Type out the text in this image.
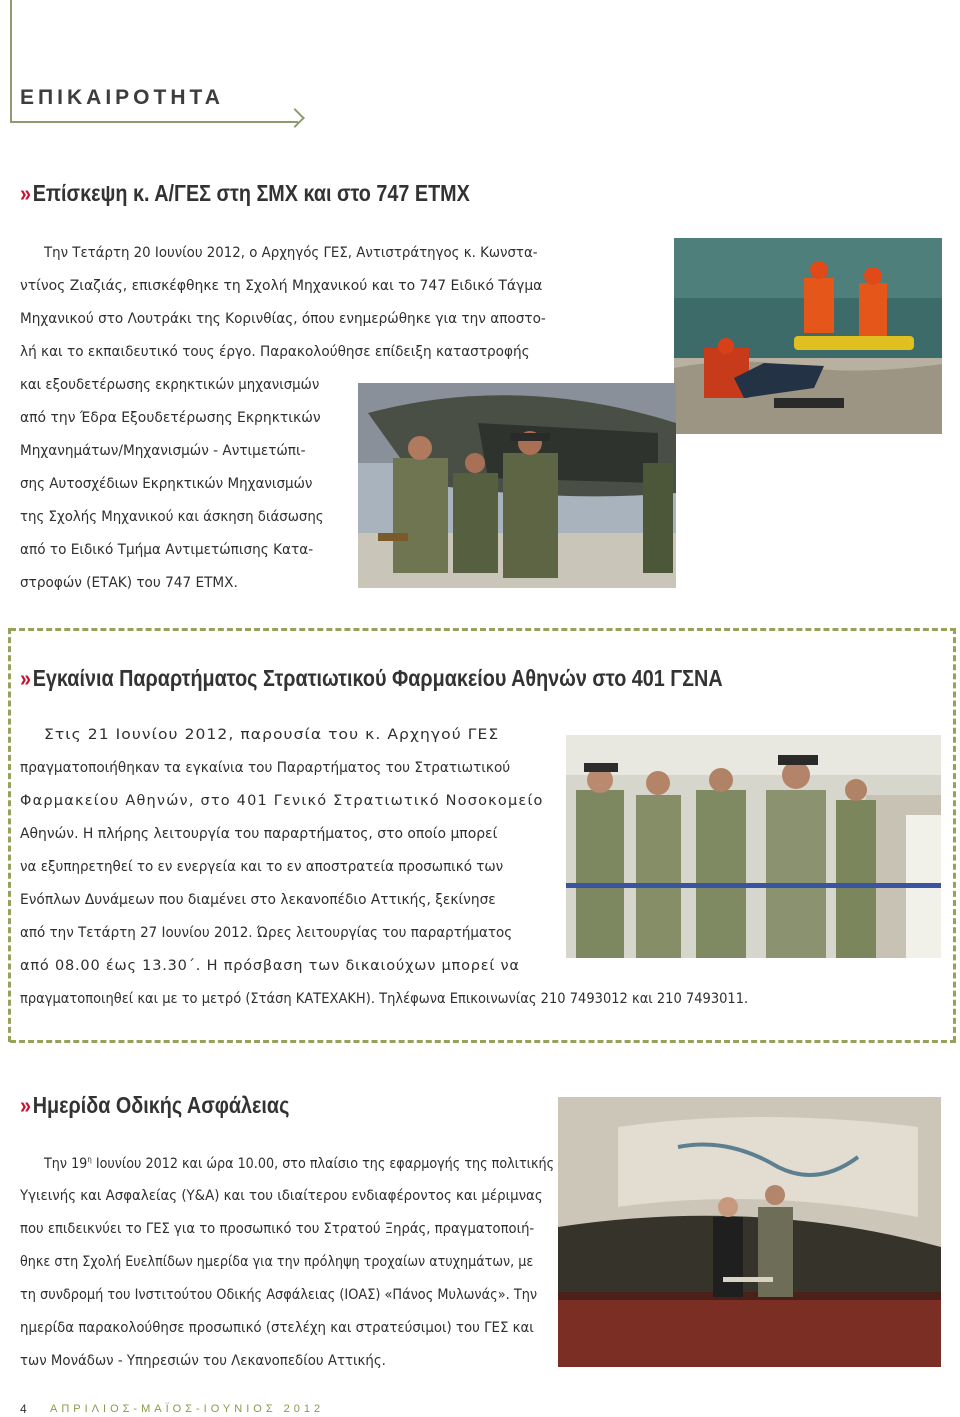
ΕΠΙΚΑΙΡΟΤΗΤΑ
» Επίσκεψη κ. Α/ΓΕΣ στη ΣΜΧ και στο 747 ΕΤΜΧ

Την Τετάρτη 20 Ιουνίου 2012, ο Αρχηγός ΓΕΣ, Αντιστράτηγος κ. Κωνστα-

ντίνος Ζιαζιάς, επισκέφθηκε τη Σχολή Μηχανικού και το 747 Ειδικό Τάγμα

Μηχανικού στο Λουτράκι της Κορινθίας, όπου ενημερώθηκε για την αποστο-

λή και το εκπαιδευτικό τους έργο. Παρακολούθησε επίδειξη καταστροφής

και εξουδετέρωσης εκρηκτικών μηχανισμών

από την Έδρα Εξουδετέρωσης Εκρηκτικών

Μηχανημάτων/Μηχανισμών - Αντιμετώπι-

σης Αυτοσχέδιων Εκρηκτικών Μηχανισμών

της Σχολής Μηχανικού και άσκηση διάσωσης

από το Ειδικό Τμήμα Αντιμετώπισης Κατα-

στροφών (ΕΤΑΚ) του 747 ΕΤΜΧ.

» Εγκαίνια Παραρτήματος Στρατιωτικού Φαρμακείου Αθηνών στο 401 ΓΣΝΑ

Στις 21 Ιουνίου 2012, παρουσία του κ. Αρχηγού ΓΕΣ

πραγματοποιήθηκαν τα εγκαίνια του Παραρτήματος του Στρατιωτικού

Φαρμακείου Αθηνών, στο 401 Γενικό Στρατιωτικό Νοσοκομείο

Αθηνών. Η πλήρης λειτουργία του παραρτήματος, στο οποίο μπορεί

να εξυπηρετηθεί το εν ενεργεία και το εν αποστρατεία προσωπικό των

Ενόπλων Δυνάμεων που διαμένει στο λεκανοπέδιο Αττικής, ξεκίνησε

από την Τετάρτη 27 Ιουνίου 2012. Ώρες λειτουργίας του παραρτήματος

από 08.00 έως 13.30΄. Η πρόσβαση των δικαιούχων μπορεί να

πραγματοποιηθεί και με το μετρό (Στάση ΚΑΤΕΧΑΚΗ). Τηλέφωνα Επικοινωνίας 210 7493012 και 210 7493011.

» Ημερίδα Οδικής Ασφάλειας

Την $19^\eta$ Ιουνίου 2012 και ώρα 10.00, στο πλαίσιο της εφαρμογής της πολιτικής

Υγιεινής και Ασφαλείας (Υ&Α) και του ιδιαίτερου ενδιαφέροντος και μέριμνας

που επιδεικνύει το ΓΕΣ για το προσωπικό του Στρατού Ξηράς, πραγματοποιή-

θηκε στη Σχολή Ευελπίδων ημερίδα για την πρόληψη τροχαίων ατυχημάτων, με

τη συνδρομή του Ινστιτούτου Οδικής Ασφάλειας (ΙΟΑΣ) «Πάνος Μυλωνάς». Την

ημερίδα παρακολούθησε προσωπικό (στελέχη και στρατεύσιμοι) του ΓΕΣ και

των Μονάδων - Υπηρεσιών του Λεκανοπεδίου Αττικής.

4 ΑΠΡΙΛΙΟΣ-ΜΑΪΟΣ-ΙΟΥΝΙΟΣ 2012
